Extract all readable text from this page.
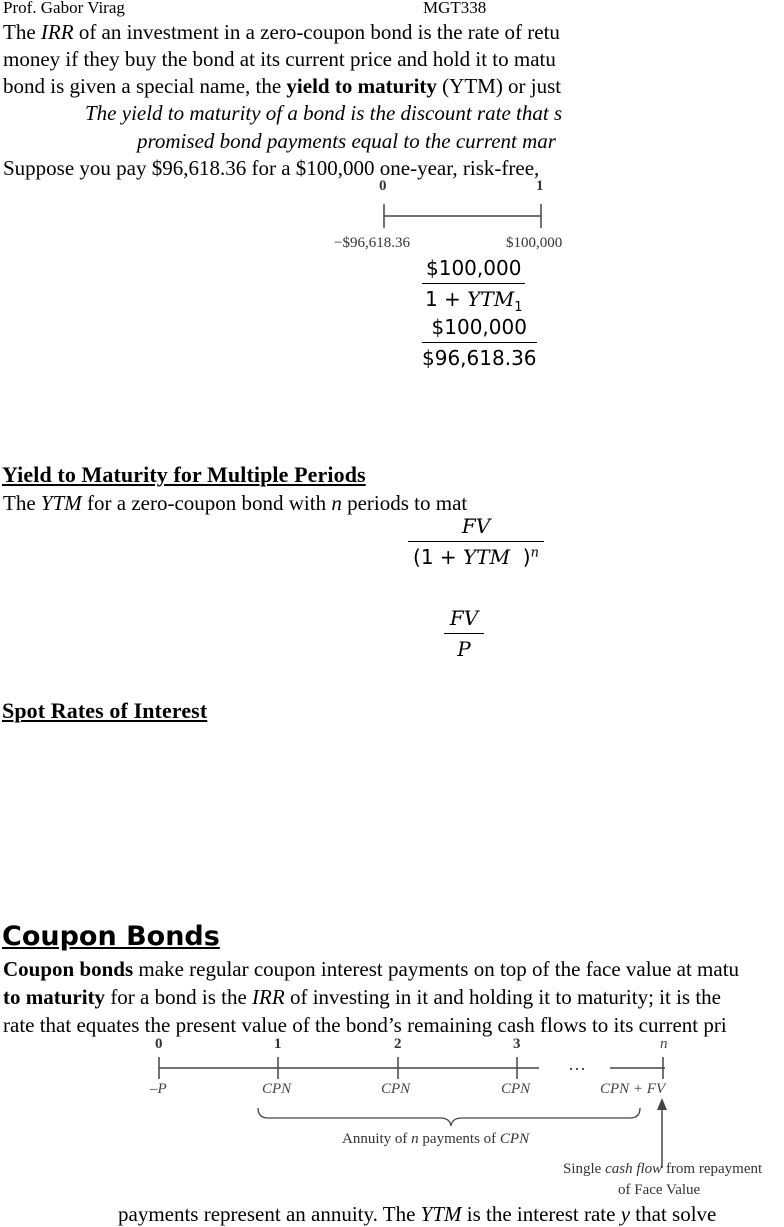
Prof. Gabor Virag	MGT338
The IRR of an investment in a zero-coupon bond is the rate of retu
money if they buy the bond at its current price and hold it to matu
bond is given a special name, the yield to maturity (YTM) or just
The yield to maturity of a bond is the discount rate that s
promised bond payments equal to the current mar
Suppose you pay $96,618.36 for a $100,000 one-year, risk-free,
0	1
−$96,618.36	$100,000
$100,000
$1 + YTM_1$
$\frac{\$100,000}{\$96,618.36}$
Yield to Maturity for Multiple Periods
The YTM for a zero-coupon bond with n periods to mat
FV
(1 + YTM  )$^n$
$\frac{FV}{P}$
Spot Rates of Interest
Coupon Bonds
Coupon bonds make regular coupon interest payments on top of the face value at matu
to maturity for a bond is the IRR of investing in it and holding it to maturity; it is the
rate that equates the present value of the bond’s remaining cash flows to its current pri
0	1	2	3	n
…
–P	CPN	CPN	CPN	CPN + FV
Annuity of n payments of CPN
Single cash flow from repayment
of Face Value
payments represent an annuity. The YTM is the interest rate y that solve
